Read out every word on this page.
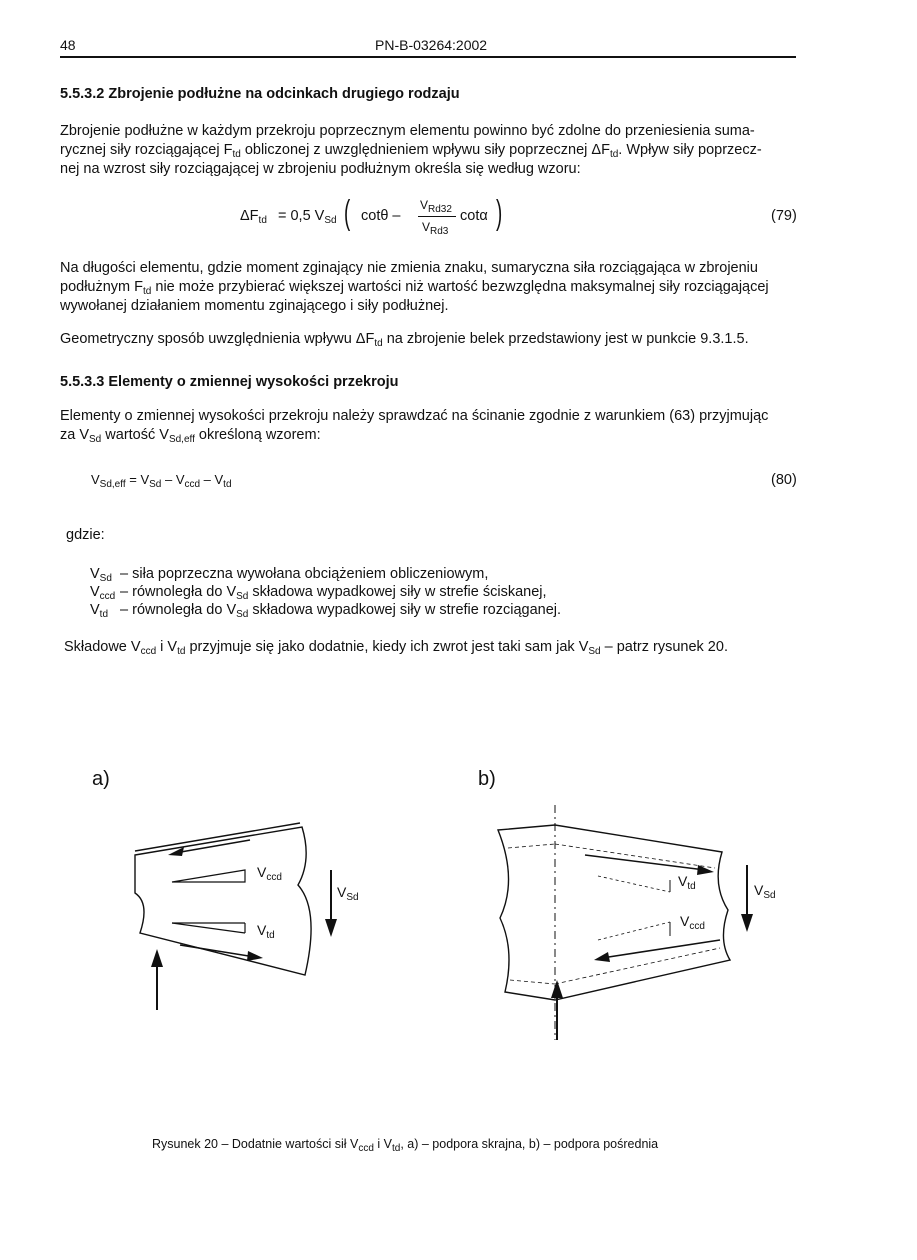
48	PN-B-03264:2002
5.5.3.2 Zbrojenie podłużne na odcinkach drugiego rodzaju
Zbrojenie podłużne w każdym przekroju poprzecznym elementu powinno być zdolne do przeniesienia suma-
rycznej siły rozciągającej $F_{td}$ obliczonej z uwzględnieniem wpływu siły poprzecznej $\Delta F_{td}$. Wpływ siły poprzecz-
nej na wzrost siły rozciągającej w zbrojeniu podłużnym określa się według wzoru:
$\Delta F_{td} = 0,5$ $V_{Sd}$ ( cotθ –
$V_{Rd32}$
$V_{Rd3}$
cotα )	(79)
Na długości elementu, gdzie moment zginający nie zmienia znaku, sumaryczna siła rozciągająca w zbrojeniu
podłużnym $F_{td}$ nie może przybierać większej wartości niż wartość bezwzględna maksymalnej siły rozciągającej
wywołanej działaniem momentu zginającego i siły podłużnej.
Geometryczny sposób uwzględnienia wpływu $\Delta F_{td}$ na zbrojenie belek przedstawiony jest w punkcie 9.3.1.5.
5.5.3.3 Elementy o zmiennej wysokości przekroju
Elementy o zmiennej wysokości przekroju należy sprawdzać na ścinanie zgodnie z warunkiem (63) przyjmując
za $V_{Sd}$ wartość $V_{Sd,eff}$ określoną wzorem:
$V_{Sd,eff} = V_{Sd} - V_{ccd} - V_{td}$	(80)
gdzie:
$V_{Sd}$ – siła poprzeczna wywołana obciążeniem obliczeniowym,
$V_{ccd}$ – równoległa do $V_{Sd}$ składowa wypadkowej siły w strefie ściskanej,
$V_{td}$ – równoległa do $V_{Sd}$ składowa wypadkowej siły w strefie rozciąganej.
Składowe $V_{ccd}$ i $V_{td}$ przyjmuje się jako dodatnie, kiedy ich zwrot jest taki sam jak $V_{Sd}$ – patrz rysunek 20.
a)
$V_{ccd}$
$V_{td}$
$V_{Sd}$
b)
$V_{td}$
$V_{ccd}$
$V_{Sd}$
Rysunek 20 – Dodatnie wartości sił $V_{ccd}$ i $V_{td}$, a) – podpora skrajna, b) – podpora pośrednia
